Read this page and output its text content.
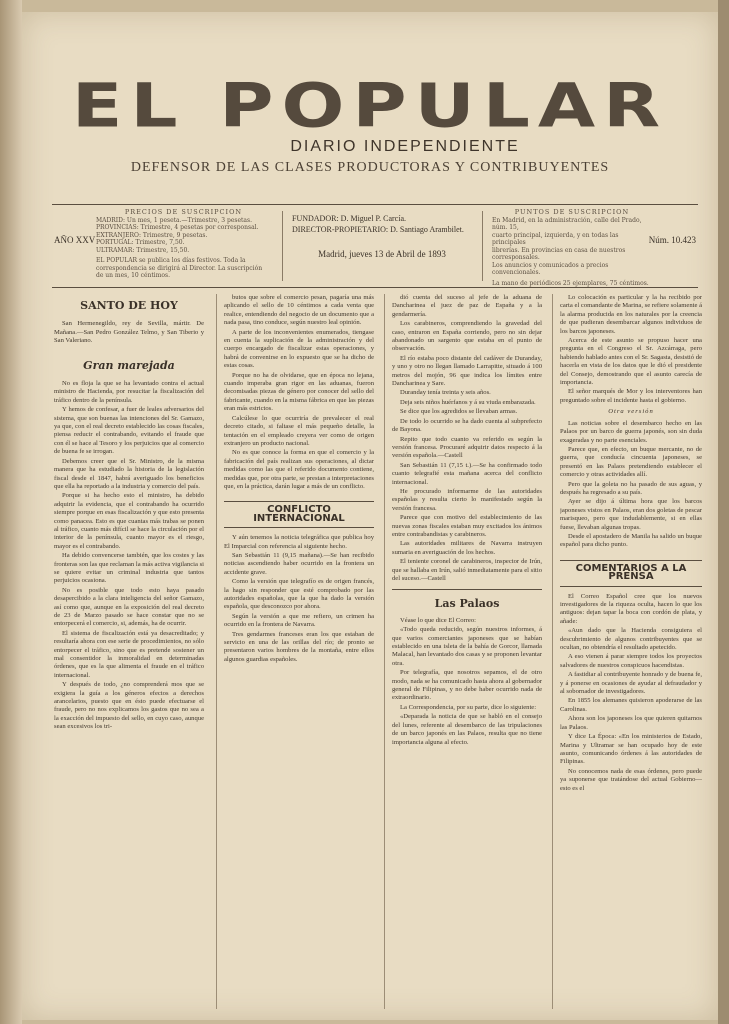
EL POPULAR
DIARIO INDEPENDIENTE
DEFENSOR DE LAS CLASES PRODUCTORAS Y CONTRIBUYENTES
AÑO XXV
PRECIOS DE SUSCRIPCION
MADRID: Un mes, 1 peseta.—Trimestre, 3 pesetas.
PROVINCIAS: Trimestre, 4 pesetas por corresponsal.
EXTRANJERO: Trimestre, 9 pesetas.
PORTUGAL: Trimestre, 7,50.
ULTRAMAR: Trimestre, 15,50.
EL POPULAR se publica los días festivos. Toda la correspondencia se dirigirá al Director. La suscripción de un mes, 10 céntimos.
FUNDADOR: D. Miguel P. Carcía.
DIRECTOR-PROPIETARIO: D. Santiago Arambilet.
Madrid, jueves 13 de Abril de 1893
PUNTOS DE SUSCRIPCION
En Madrid, en la administración, calle del Prado, núm. 15,
cuarto principal, izquierda, y en todas las principales
librerías. En provincias en casa de nuestros corresponsales.
Los anuncios y comunicados a precios convencionales.
La mano de periódicos 25 ejemplares, 75 céntimos.
Núm. 10.423
SANTO DE HOY

San Hermenegildo, rey de Sevilla, mártir. De Mañana.—San Pedro González Telmo, y San Tiberio y San Valeriano.

Gran marejada

No es floja la que se ha levantado contra el actual ministro de Hacienda, por resucitar la fiscalización del tráfico dentro de la península.

Y hemos de confesar, a fuer de leales adversarios del sistema, que son buenas las intenciones del Sr. Gamazo, ya que, con el real decreto establecido las cosas fiscales, piensa reducir el contrabando, evitando el fraude que con él se hace al Tesoro y los perjuicios que al comercio de buena fe se irrogan.

Debemos creer que el Sr. Ministro, de la misma manera que ha estudiado la historia de la legislación fiscal desde el 1847, habrá averiguado los beneficios que ella ha reportado a la industria y comercio del país.

Porque si ha hecho esto el ministro, ha debido adquirir la evidencia, que el contrabando ha ocurrido siempre porque en esas fiscalización y que esto presenta como panacea. Esto es que cuantas más trabas se ponen al tráfico, cuanto más difícil se hace la circulación por el interior de la península, cuanto mayor es el riesgo, mayor es el contrabando.

Ha debido convencerse también, que los costes y las fronteras son las que reclaman la más activa vigilancia si se quiere evitar un criminal industria que tantos perjuicios ocasiona.

No es posible que todo esto haya pasado desapercibido a la clara inteligencia del señor Gamazo, así como que, aunque en la exposición del real decreto de 23 de Marzo pasado se hace constar que no se entorpecerá el comercio, si, además, ha de ocurrir.

El sistema de fiscalización está ya desacreditado; y resultaría ahora con ese serie de procedimientos, no sólo entorpecer el tráfico, sino que es pretende sostener un mal consentidor la inmoralidad en determinadas órdenes, que es la que alimenta el fraude en el tráfico internacional.

Y después de todo, ¿no comprenderá mos que se exigiera la guía a los géneros efectos a derechos arancelarios, puesto que en ésto puede efectuarse el fraude, pero no nos explicamos los gastos que no sea a la exacción del impuesto del sello, en cuyo caso, aunque sean excesivos los tri-

butos que sobre el comercio pesan, pagaría una más aplicando el sello de 10 céntimos a cada venta que realice, entendiendo del negocio de un documento que a nada pasa, tino conduce, según nuestro leal opinión.

A parte de los inconvenientes enumerados, tiengase en cuenta la suplicación de la administración y del cuerpo encargado de fiscalizar estas operaciones, y habrá de convenirse en lo expuesto que se ha dicho de estas cosas.

Porque no ha de olvidarse, que en época no lejana, cuando imperaba gran rigor en las aduanas, fueron decomisadas piezas de género por conocer del sello del fabricante, cuando en la misma fábrica en que las piezas eran más estrictos.

Calcúlese lo que ocurriría de prevalecer el real decreto citado, si faltase el más pequeño detalle, la tentación en el empleado creyera ver como de origen extranjero un producto nacional.

No es que conoce la forma en que el comercio y la fabricación del país realizan sus operaciones, al dictar medidas como las que el referido documento contiene, medidas que, por otra parte, se prestan a interpretaciones que, en la práctica, darán lugar a más de un conflicto.

CONFLICTO INTERNACIONAL

Y aún tenemos la noticia telegráfica que publica hoy El Imparcial con referencia al siguiente hecho.

San Sebastián 11 (9,15 mañana).—Se han recibido noticias ascendiendo haber ocurrido en la frontera un accidente grave.

Como la versión que telegrafío es de origen francés, la hago sin responder que esté comprobado por las autoridades españolas, que la que ha dado la versión española, que desconozco por ahora.

Según la versión a que me refiero, un crimen ha ocurrido en la frontera de Navarra.

Tres gendarmes franceses eran los que estaban de servicio en una de las orillas del río; de pronto se presentaron varios hombres de la montaña, entre ellos algunos guardias españoles.

dió cuenta del suceso al jefe de la aduana de Dancharinea el juez de paz de España y a la gendarmería.

Los carabineros, comprendiendo la gravedad del caso, entraron en España corriendo, pero no sin dejar abandonado un sargento que estaba en el punto de observación.

El río estaba poco distante del cadáver de Duranday, y uno y otro no llegan llamado Larrapitte, situado á 100 metros del mojón, 96 que indica los límites entre Dancharinea y Sare.

Duranday tenía treinta y seis años.

Deja seis niños huérfanos y á su viuda embarazada.

Se dice que los agredidos se llevaban armas.

De todo lo ocurrido se ha dado cuenta al subprefecto de Bayona.

Repito que todo cuanto va referido es según la versión francesa. Procuraré adquirir datos respecto á la versión española.—Castell

San Sebastián 11 (7,15 t.).—Se ha confirmado todo cuanto telegrafié esta mañana acerca del conflicto internacional.

He procurado informarme de las autoridades españolas y resulta cierto lo manifestado según la versión francesa.

Parece que con motivo del establecimiento de las nuevas zonas fiscales estaban muy excitados los ánimos entre contrabandistas y carabineros.

Las autoridades militares de Navarra instruyen sumaria en averiguación de los hechos.

El teniente coronel de carabineros, inspector de Irún, que se hallaba en Irún, salió inmediatamente para el sitio del suceso.—Castell

Las Palaos

Véase lo que dice El Correo:

«Todo queda reducido, según nuestros informes, á que varios comerciantes japoneses que se habían establecido en una isleta de la bahía de Gorcor, llamada Malacal, han levantado dos casas y se proponen levantar otra.

Por telegrafía, que nosotros sepamos, el de otro modo, nada se ha comunicado hasta ahora al gobernador general de Filipinas, y no debe haber ocurrido nada de extraordinario.

La Correspondencia, por su parte, dice lo siguiente:

«Deparada la noticia de que se habló en el consejo del lunes, referente al desembarco de las tripulaciones de un barco japonés en las Palaos, resulta que no tiene importancia alguna al efecto.

Lo colocación es particular y la ha recibido por carta el comandante de Marina, se refiere solamente á la alarma producida en los naturales por la creencia de que pudieran desembarcar algunos individuos de los barcos japoneses.

Acerca de este asunto se propuso hacer una pregunta en el Congreso el Sr. Azcárraga, pero habiendo hablado antes con el Sr. Sagasta, desistió de hacerla en vista de los datos que le dió el presidente del Consejo, demostrando que el asunto carecía de importancia.

El señor marqués de Mor y los interventores han preguntado sobre el incidente hasta el gobierno.

Otra versión

Las noticias sobre el desembarco hecho en las Palaos por un barco de guerra japonés, son sin duda exageradas y no parte esenciales.

Parece que, en efecto, un buque mercante, no de guerra, que conducía cincuenta japoneses, se presentó en las Palaos pretendiendo establecer el comercio y otras actividades allí.

Pero que la goleta no ha pasado de sus aguas, y después ha regresado a su país.

Ayer se dijo á última hora que los barcos japoneses vistos en Palaos, eran dos goletas de pescar marisqueo, pero que indudablemente, si en ellas fuese, llevaban algunas tropas.

Desde el apostadero de Manila ha salido un buque español para dicho punto.

COMENTARIOS A LA PRENSA

El Correo Español cree que los nuevos investigadores de la riqueza oculta, hacen lo que los antiguos: dejan tapar la boca con cordón de plata, y añade:

«Aun dado que la Hacienda consiguiera el descubrimiento de algunos contribuyentes que se ocultan, no obtendría el resultado apetecido.

A eso vienen á parar siempre todos los proyectos salvadores de nuestros conspicuos hacendistas.

A fastidiar al contribuyente honrado y de buena fe, y á ponerse en ocasiones de ayudar al defraudador y al sobornador de investigadores.

En 1855 los alemanes quisieron apoderarse de las Carolinas.

Ahora son los japoneses los que quieren quitarnos las Palaos.

Y dice La Época: «En los ministerios de Estado, Marina y Ultramar se han ocupado hoy de este asunto, comunicando órdenes á las autoridades de Filipinas.

No conocemos nada de esas órdenes, pero puede ya suponerse que tratándose del actual Gobierno—esto es el
